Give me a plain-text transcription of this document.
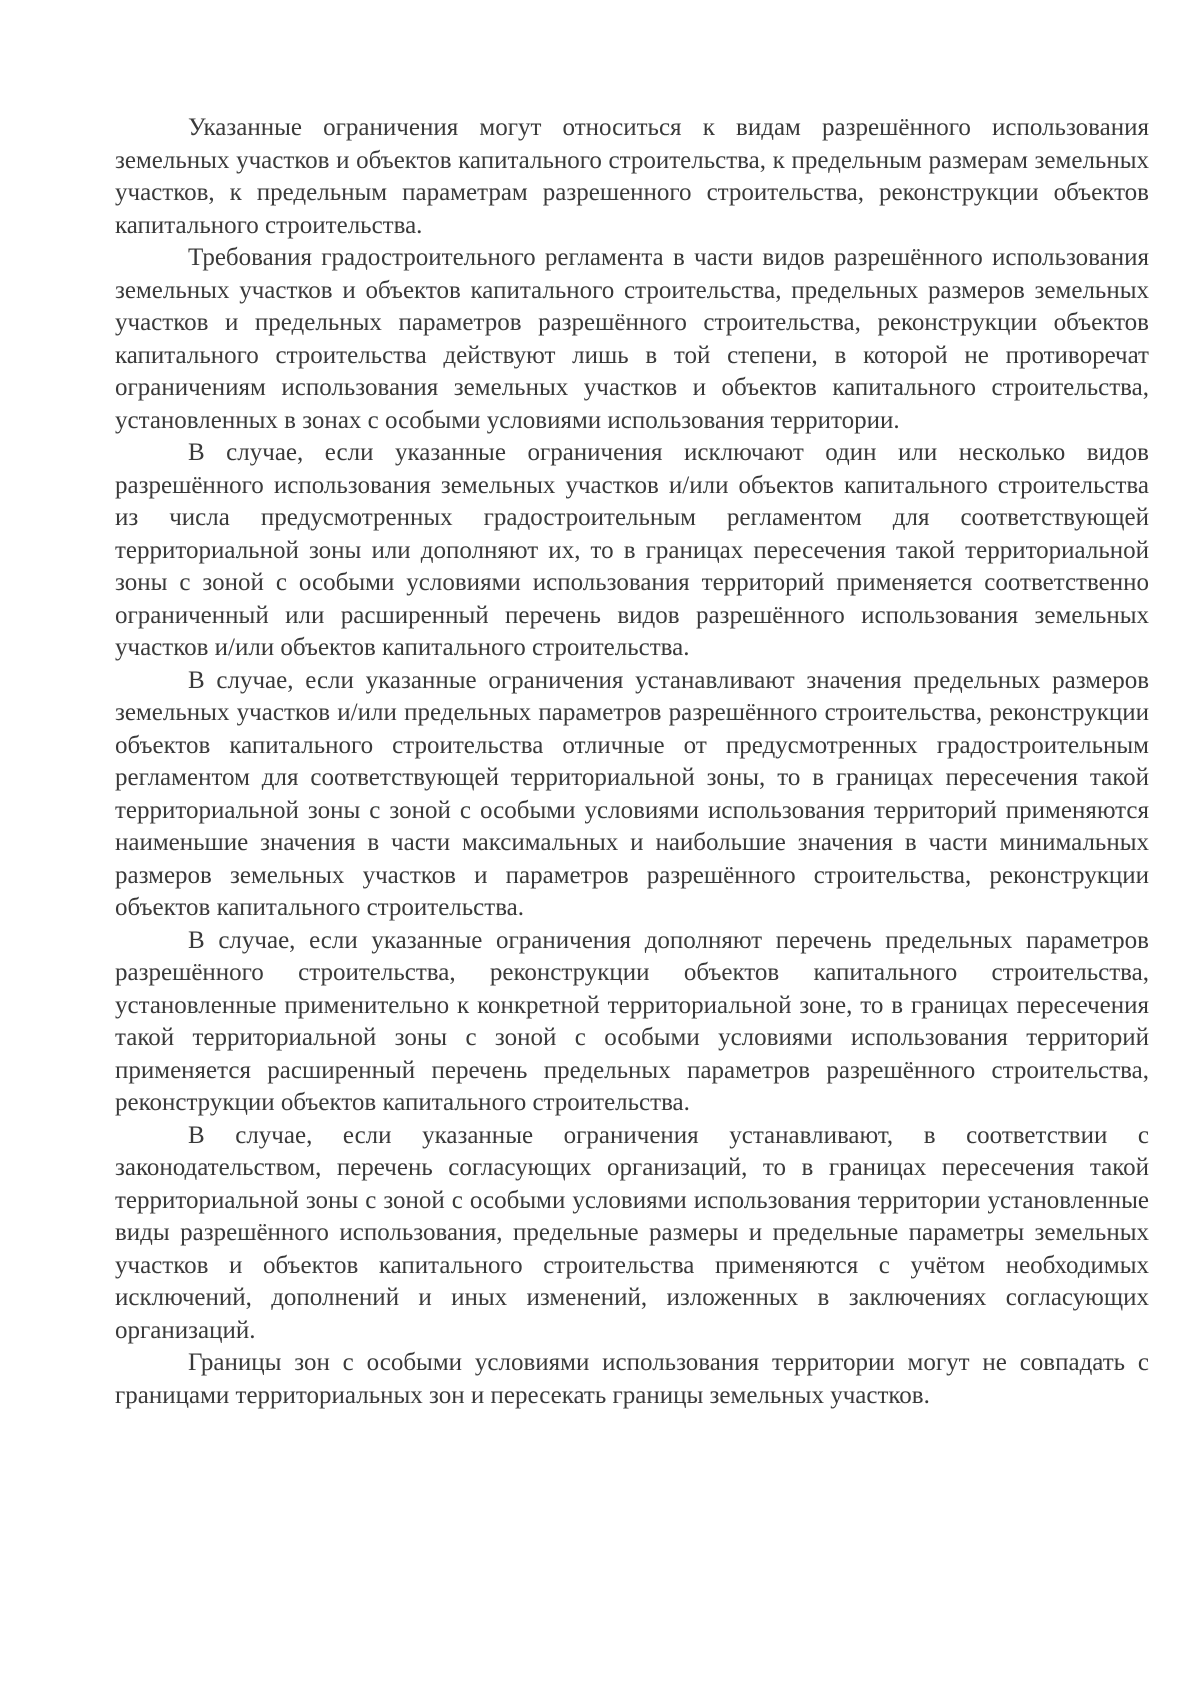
Указанные ограничения могут относиться к видам разрешённого использования земельных участков и объектов капитального строительства, к предельным размерам земельных участков, к предельным параметрам разрешенного строительства, реконструкции объектов капитального строительства.

Требования градостроительного регламента в части видов разрешённого использования земельных участков и объектов капитального строительства, предельных размеров земельных участков и предельных параметров разрешённого строительства, реконструкции объектов капитального строительства действуют лишь в той степени, в которой не противоречат ограничениям использования земельных участков и объектов капитального строительства, установленных в зонах с особыми условиями использования территории.

В случае, если указанные ограничения исключают один или несколько видов разрешённого использования земельных участков и/или объектов капитального строительства из числа предусмотренных градостроительным регламентом для соответствующей территориальной зоны или дополняют их, то в границах пересечения такой территориальной зоны с зоной с особыми условиями использования территорий применяется соответственно ограниченный или расширенный перечень видов разрешённого использования земельных участков и/или объектов капитального строительства.

В случае, если указанные ограничения устанавливают значения предельных размеров земельных участков и/или предельных параметров разрешённого строительства, реконструкции объектов капитального строительства отличные от предусмотренных градостроительным регламентом для соответствующей территориальной зоны, то в границах пересечения такой территориальной зоны с зоной с особыми условиями использования территорий применяются наименьшие значения в части максимальных и наибольшие значения в части минимальных размеров земельных участков и параметров разрешённого строительства, реконструкции объектов капитального строительства.

В случае, если указанные ограничения дополняют перечень предельных параметров разрешённого строительства, реконструкции объектов капитального строительства, установленные применительно к конкретной территориальной зоне, то в границах пересечения такой территориальной зоны с зоной с особыми условиями использования территорий применяется расширенный перечень предельных параметров разрешённого строительства, реконструкции объектов капитального строительства.

В случае, если указанные ограничения устанавливают, в соответствии с законодательством, перечень согласующих организаций, то в границах пересечения такой территориальной зоны с зоной с особыми условиями использования территории установленные виды разрешённого использования, предельные размеры и предельные параметры земельных участков и объектов капитального строительства применяются с учётом необходимых исключений, дополнений и иных изменений, изложенных в заключениях согласующих организаций.

Границы зон с особыми условиями использования территории могут не совпадать с границами территориальных зон и пересекать границы земельных участков.
